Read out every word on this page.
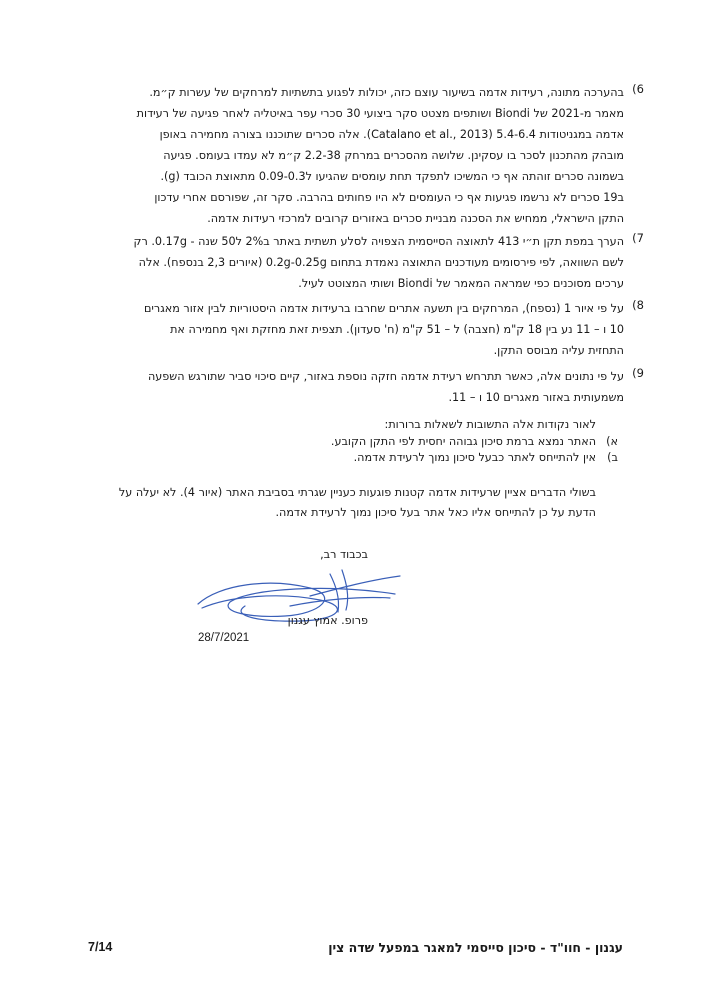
6)
בהערכה מתונה, רעידות אדמה בשיעור עוצם כזה, יכולות לפגוע בתשתיות למרחקים של עשרות ק״מ.
מאמר מ-2021 של Biondi ושותפים מצטט סקר ביצועי 30 סכרי עפר באיטליה לאחר פגיעה של רעידות
אדמה במגניטודות 5.4-6.4 (Catalano et al., 2013). אלה סכרים שתוכננו בצורה מחמירה באופן
מובהק מהתכנון לסכר בו עסקינן. שלושה מהסכרים במרחק 2.2-38 ק״מ לא עמדו בעומס. פגיעה
בשמונה סכרים זוהתה אף כי המשיכו לתפקד תחת עומסים שהגיעו ל0.09-0.3 מתאוצת הכובד (g).
ב19 סכרים לא נרשמו פגיעות אף כי העומסים לא היו פחותים בהרבה. סקר זה, שפורסם אחרי עדכון
התקן הישראלי, ממחיש את הסכנה מבניית סכרים באזורים קרובים למרכזי רעידות אדמה.
7)
הערך במפת תקן ת״י 413 לתאוצה הסייסמית הצפויה לסלע תשתית באתר ב2% ל50 שנה - 0.17g. רק
לשם השוואה, לפי פירסומים מעודכנים התאוצה נאמדת בתחום 0.2g-0.25g (איורים 2,3 בנספח). אלה
ערכים מסוכנים כפי שמראה המאמר של Biondi ושותי המצוטט לעיל.
8)
על פי איור 1 (נספח), המרחקים בין תשעה אתרים שחרבו ברעידות אדמה היסטוריות לבין אזור מאגרים
10 ו – 11 נע בין 18 ק"מ (חצבה) ל – 51 ק"מ (ח' סעדון). תצפית זאת מחזקת ואף מחמירה את
התחזית עליה מבוסס התקן.
9)
על פי נתונים אלה, כאשר תתרחש רעידת אדמה חזקה נוספת באזור, קיים סיכוי סביר שתורגש השפעה
משמעותית באזור מאגרים 10 ו – 11.
לאור נקודות אלה התשובות לשאלות ברורות:
א)
האתר נמצא ברמת סיכון גבוהה יחסית לפי התקן הקובע.
ב)
אין להתייחס לאתר כבעל סיכון נמוך לרעידת אדמה.
בשולי הדברים אציין שרעידות אדמה קטנות פוגעות כעניין שגרתי בסביבת האתר (איור 4). לא יעלה על
הדעת על כן להתייחס אליו כאל אתר בעל סיכון נמוך לרעידת אדמה.
בכבוד רב,
פרופ. אמוץ עגנון
28/7/2021
עגנון - חוו"ד - סיכון סייסמי למאגר במפעל שדה צין
7/14
